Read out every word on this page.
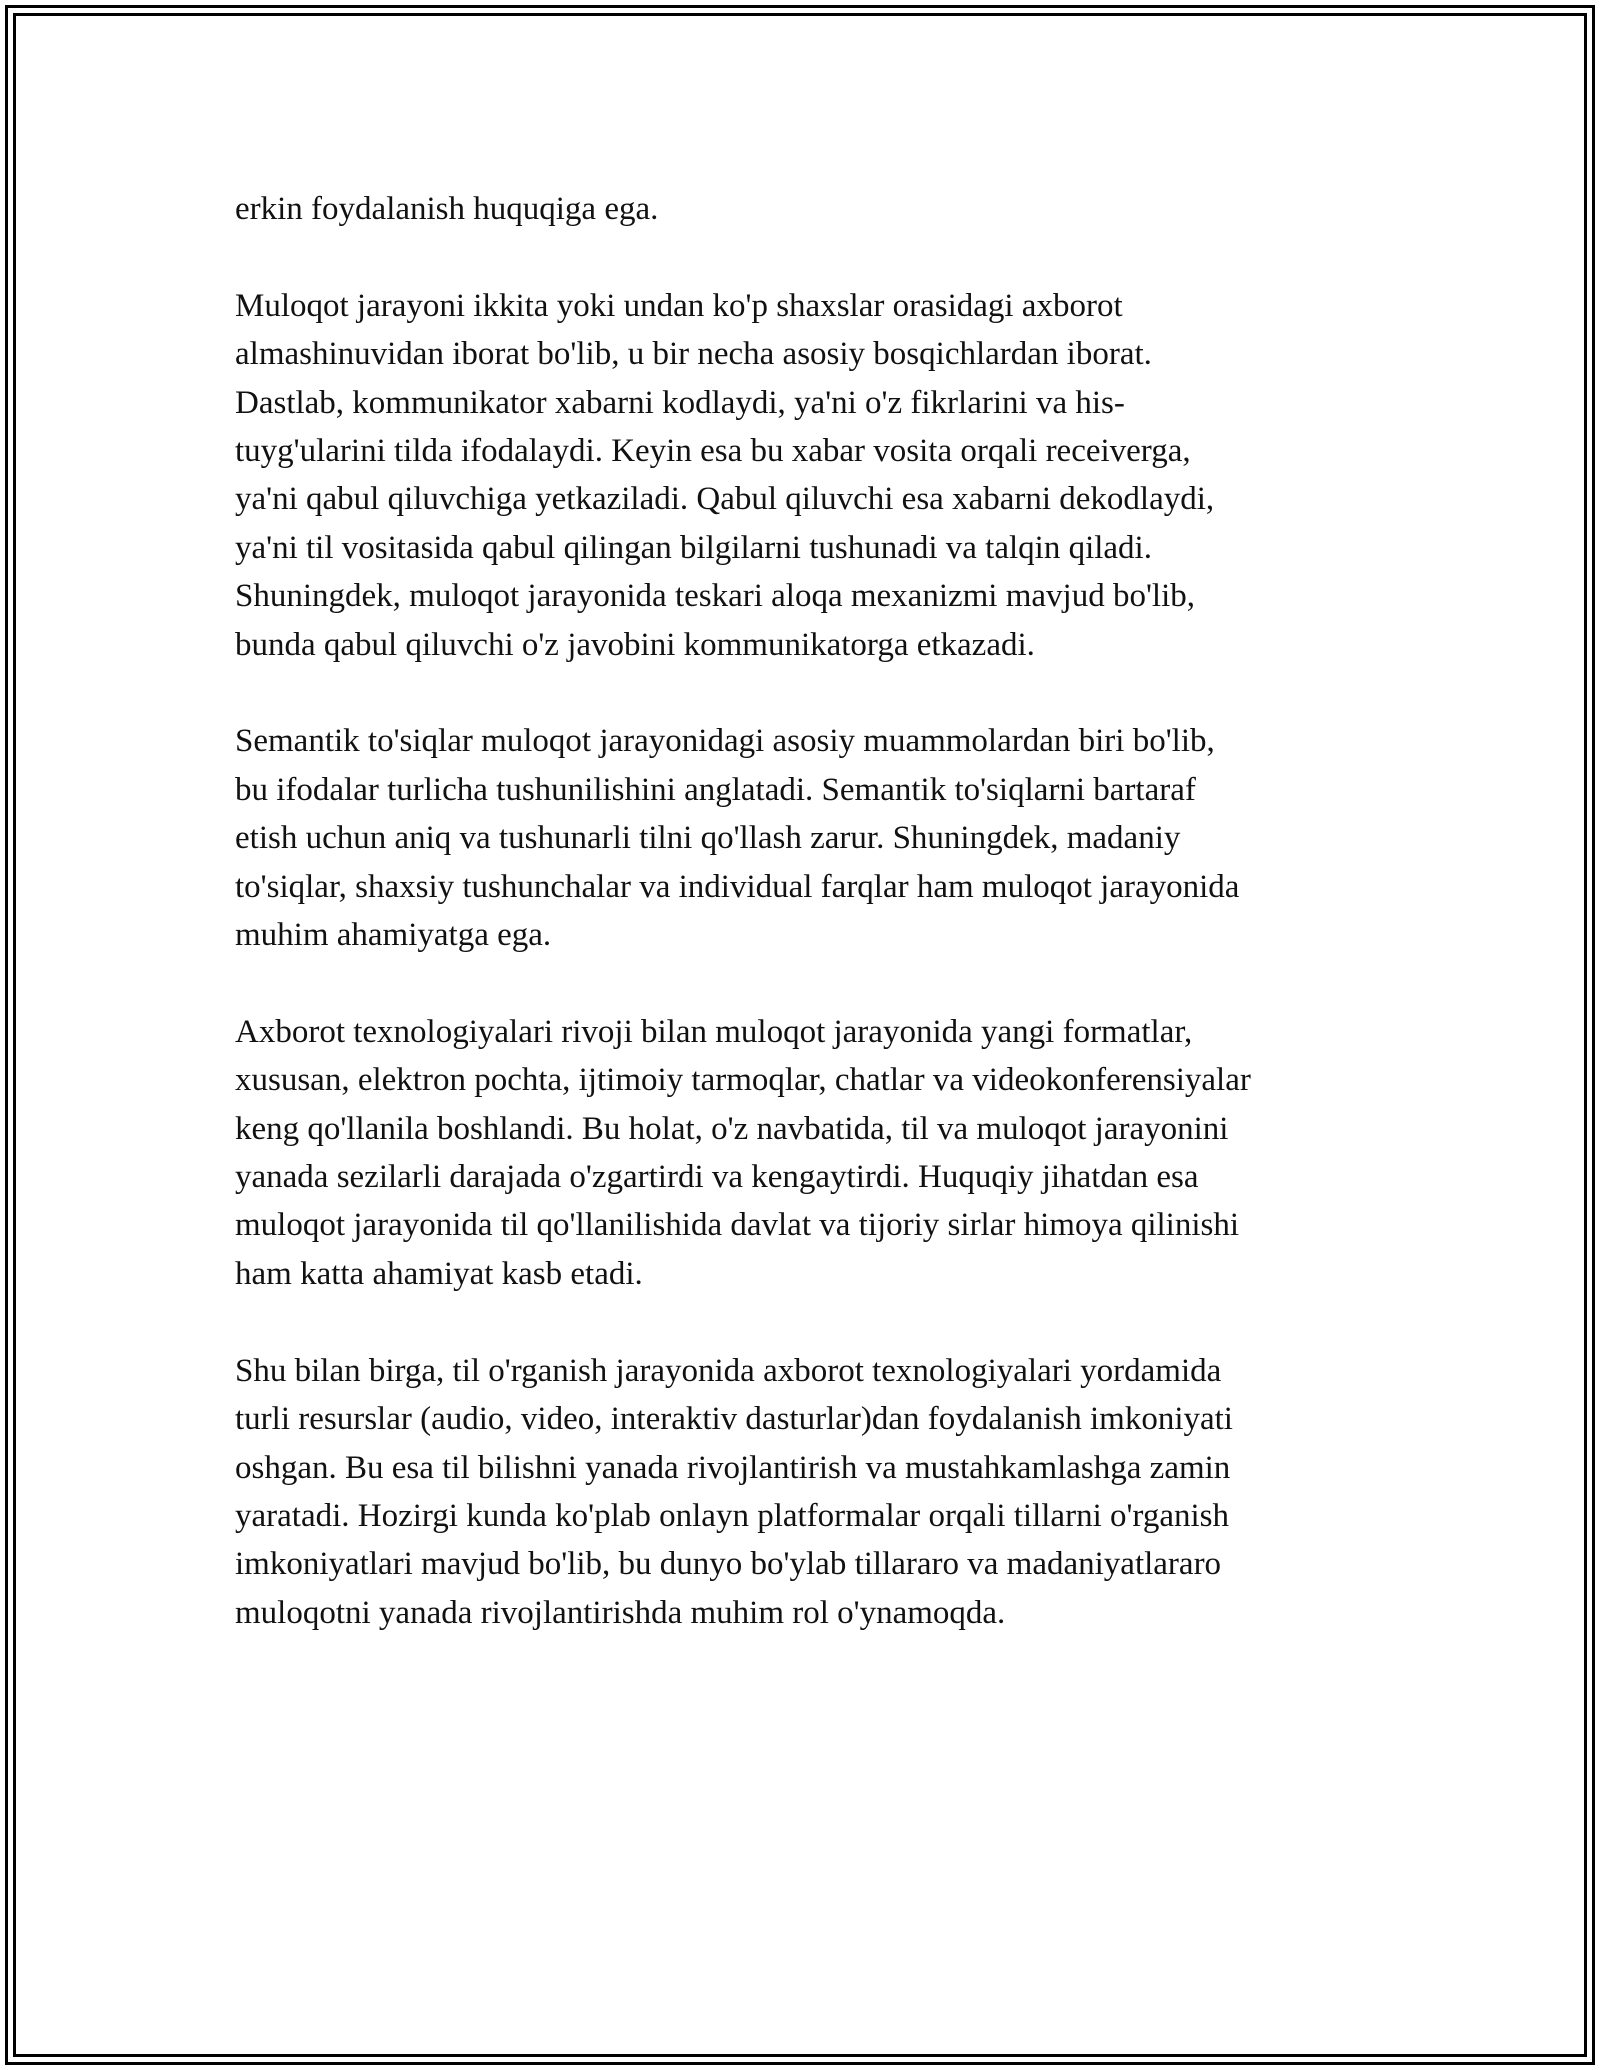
erkin foydalanish huquqiga ega.

Muloqot jarayoni ikkita yoki undan ko'p shaxslar orasidagi axborot
almashinuvidan iborat bo'lib, u bir necha asosiy bosqichlardan iborat.
Dastlab, kommunikator xabarni kodlaydi, ya'ni o'z fikrlarini va his-
tuyg'ularini tilda ifodalaydi. Keyin esa bu xabar vosita orqali receiverga,
ya'ni qabul qiluvchiga yetkaziladi. Qabul qiluvchi esa xabarni dekodlaydi,
ya'ni til vositasida qabul qilingan bilgilarni tushunadi va talqin qiladi.
Shuningdek, muloqot jarayonida teskari aloqa mexanizmi mavjud bo'lib,
bunda qabul qiluvchi o'z javobini kommunikatorga etkazadi.

Semantik to'siqlar muloqot jarayonidagi asosiy muammolardan biri bo'lib,
bu ifodalar turlicha tushunilishini anglatadi. Semantik to'siqlarni bartaraf
etish uchun aniq va tushunarli tilni qo'llash zarur. Shuningdek, madaniy
to'siqlar, shaxsiy tushunchalar va individual farqlar ham muloqot jarayonida
muhim ahamiyatga ega.

Axborot texnologiyalari rivoji bilan muloqot jarayonida yangi formatlar,
xususan, elektron pochta, ijtimoiy tarmoqlar, chatlar va videokonferensiyalar
keng qo'llanila boshlandi. Bu holat, o'z navbatida, til va muloqot jarayonini
yanada sezilarli darajada o'zgartirdi va kengaytirdi. Huquqiy jihatdan esa
muloqot jarayonida til qo'llanilishida davlat va tijoriy sirlar himoya qilinishi
ham katta ahamiyat kasb etadi.

Shu bilan birga, til o'rganish jarayonida axborot texnologiyalari yordamida
turli resurslar (audio, video, interaktiv dasturlar)dan foydalanish imkoniyati
oshgan. Bu esa til bilishni yanada rivojlantirish va mustahkamlashga zamin
yaratadi. Hozirgi kunda ko'plab onlayn platformalar orqali tillarni o'rganish
imkoniyatlari mavjud bo'lib, bu dunyo bo'ylab tillararo va madaniyatlararo
muloqotni yanada rivojlantirishda muhim rol o'ynamoqda.
